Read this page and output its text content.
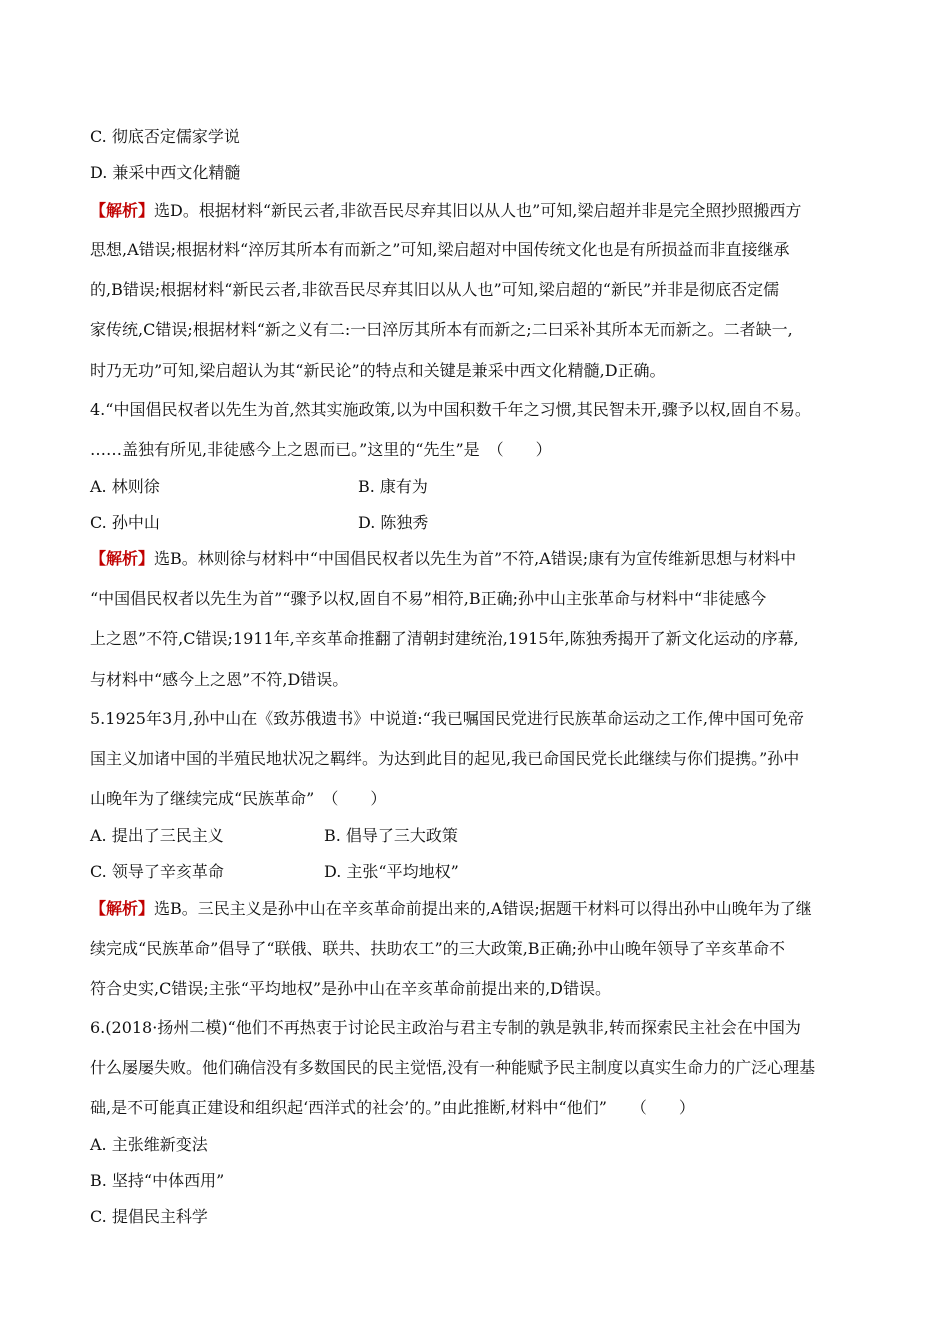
C. 彻底否定儒家学说
D. 兼采中西文化精髓
【解析】选D。根据材料“新民云者,非欲吾民尽弃其旧以从人也”可知,梁启超并非是完全照抄照搬西方
思想,A错误;根据材料“淬厉其所本有而新之”可知,梁启超对中国传统文化也是有所损益而非直接继承
的,B错误;根据材料“新民云者,非欲吾民尽弃其旧以从人也”可知,梁启超的“新民”并非是彻底否定儒
家传统,C错误;根据材料“新之义有二:一曰淬厉其所本有而新之;二曰采补其所本无而新之。二者缺一,
时乃无功”可知,梁启超认为其“新民论”的特点和关键是兼采中西文化精髓,D正确。
4.“中国倡民权者以先生为首,然其实施政策,以为中国积数千年之习惯,其民智未开,骤予以权,固自不易。
……盖独有所见,非徒感今上之恩而已。”这里的“先生”是　（　　）
A. 林则徐	B. 康有为
C. 孙中山	D. 陈独秀
【解析】选B。林则徐与材料中“中国倡民权者以先生为首”不符,A错误;康有为宣传维新思想与材料中
“中国倡民权者以先生为首”“骤予以权,固自不易”相符,B正确;孙中山主张革命与材料中“非徒感今
上之恩”不符,C错误;1911年,辛亥革命推翻了清朝封建统治,1915年,陈独秀揭开了新文化运动的序幕,
与材料中“感今上之恩”不符,D错误。
5.1925年3月,孙中山在《致苏俄遗书》中说道:“我已嘱国民党进行民族革命运动之工作,俾中国可免帝
国主义加诸中国的半殖民地状况之羁绊。为达到此目的起见,我已命国民党长此继续与你们提携。”孙中
山晚年为了继续完成“民族革命”　（　　）
A. 提出了三民主义	B. 倡导了三大政策
C. 领导了辛亥革命	D. 主张“平均地权”
【解析】选B。三民主义是孙中山在辛亥革命前提出来的,A错误;据题干材料可以得出孙中山晚年为了继
续完成“民族革命”倡导了“联俄、联共、扶助农工”的三大政策,B正确;孙中山晚年领导了辛亥革命不
符合史实,C错误;主张“平均地权”是孙中山在辛亥革命前提出来的,D错误。
6.(2018·扬州二模)“他们不再热衷于讨论民主政治与君主专制的孰是孰非,转而探索民主社会在中国为
什么屡屡失败。他们确信没有多数国民的民主觉悟,没有一种能赋予民主制度以真实生命力的广泛心理基
础,是不可能真正建设和组织起‘西洋式的社会’的。”由此推断,材料中“他们”　　（　　）
A. 主张维新变法
B. 坚持“中体西用”
C. 提倡民主科学
